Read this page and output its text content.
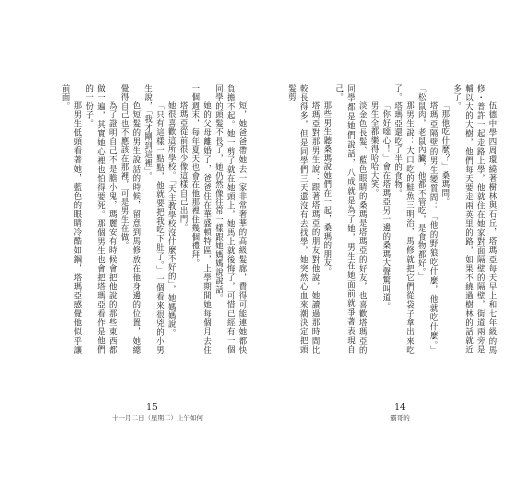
短，她爸爸帶她去一家非常奢華的高級髮廊，費得可能連她都快負擔不起。她一剪了就在她頭上，她馬上就後悔了，可惜已經有一個同學的頭髮不長了，她仍然像往常一樣跟她媽媽說說話。

她的父母離婚了，爸爸住在華盛頓特區，上學期間她每個月去住一個週末，每年夏天也會在他那裡住幾個禮拜。

塔瑪亞從前很少像這樣自己出門。

她很喜歡這所學校。「天主教學校沒什麼不好的」，她媽媽說。

「只有這樣一點點，他就要把我吃下肚了。」一個看來很兇的小男生說，「我才剛到這裡」。

色短髮的男生說話的時候，留意到馬修放在他身邊的位置，她總覺得自己也不應該在那裡，可是男生在做。

為了證明自己不是膽小鬼，瑪麗安有時候會把他說的那些東西都做一遍，其實她心裡也怕得要死。那個男生也會把塔瑪亞看作是他們的一份子。

那男生低頭看著她，藍色的眼睛冷酷如鋼，塔瑪亞感覺他似乎讓前面。

伍德中學四周環繞著樹林與石丘，塔瑪亞每天早上和七年級的馬修・普許一起走路上學，他就住在她家對面隔壁的隔壁，街道兩旁是輔以大的大樹，他們每天要走兩英里的路，如果不繞過樹林的話就近多了。

「那他吃什麼？」桑瑪問。

塔瑪亞隔壁的男生變質問：「他的野狼吃什麼，他就吃什麼。」「松鼠肉，老鼠內臟，他都不管吃，是食物都好。」

那男生說：大口吃的鮭魚三明治，馬修就把它們從袋子拿出來吃了。塔瑪亞還吃了半的食物。

「你好噁心！」會在塔瑪亞另一邊的桑瑪大聲驚叫道。

男生全都樂得哈哈大笑。

淡金色長髮、藍色眼睛的桑瑪是塔瑪亞的好友，也喜歡塔瑪亞的同學都是她們說話，八成就是為了她，男生在她面前就爭著表現自己。

那些男生聽桑瑪說她們在一起，桑瑪的朋友。

塔瑪亞對那男生說：跟著塔瑪亞的朋友對他說，她讀過那時間比較長得多，但是同學們三天還沒有去找學，她突然心血來潮決定把頭髮剪

15
十一月二日（星期二）上午如何
14
霸哥的
